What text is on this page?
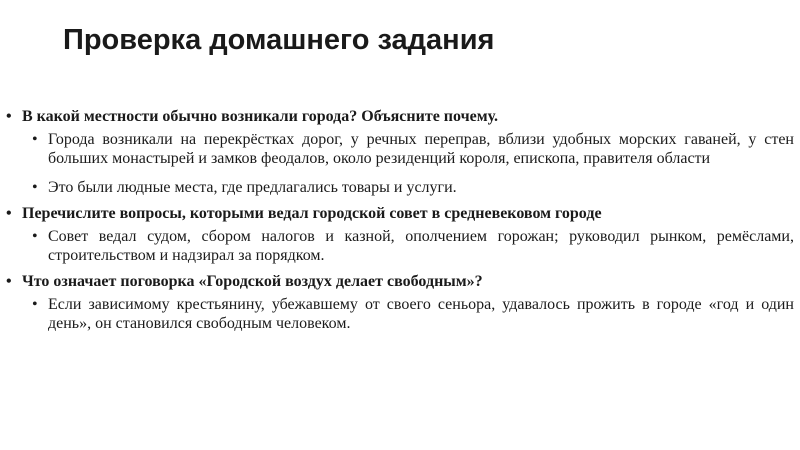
Проверка домашнего задания
• В какой местности обычно возникали города? Объясните почему.
• Города возникали на перекрёстках дорог, у речных переправ, вблизи удобных морских гаваней, у стен больших монастырей и замков феодалов, около резиденций короля, епископа, правителя области
• Это были людные места, где предлагались товары и услуги.
• Перечислите вопросы, которыми ведал городской совет в средневековом городе
• Совет ведал судом, сбором налогов и казной, ополчением горожан; руководил рынком, ремёслами, строительством и надзирал за порядком.
• Что означает поговорка «Городской воздух делает свободным»?
• Если зависимому крестьянину, убежавшему от своего сеньора, удавалось прожить в городе «год и один день», он становился свободным человеком.
